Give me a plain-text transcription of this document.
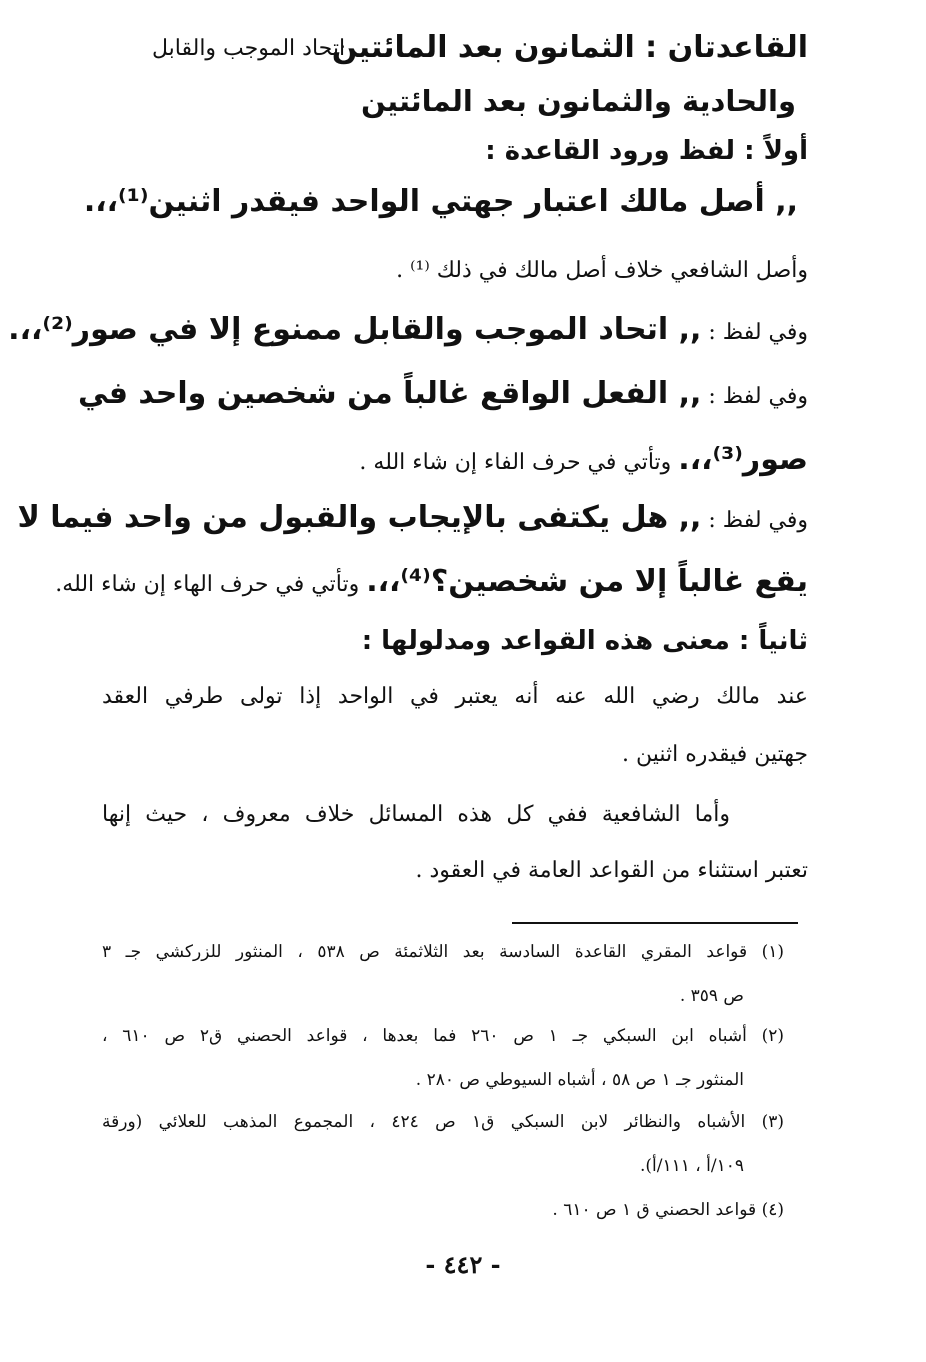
القاعدتان : الثمانون بعد المائتين
اتحاد الموجب والقابل
والحادية والثمانون بعد المائتين
أولاً : لفظ ورود القاعدة :
,, أصل مالك اعتبار جهتي الواحد فيقدر اثنين⁽¹⁾،،.
وأصل الشافعي خلاف أصل مالك في ذلك ⁽¹⁾ .
وفي لفظ : ,, اتحاد الموجب والقابل ممنوع إلا في صور⁽²⁾،،.
وفي لفظ : ,, الفعل الواقع غالباً من شخصين واحد في
صور⁽³⁾،،. وتأتي في حرف الفاء إن شاء الله .
وفي لفظ : ,, هل يكتفى بالإيجاب والقبول من واحد فيما لا
يقع غالباً إلا من شخصين؟⁽⁴⁾،،. وتأتي في حرف الهاء إن شاء الله.
ثانياً : معنى هذه القواعد ومدلولها :
عند مالك رضي الله عنه أنه يعتبر في الواحد إذا تولى طرفي العقد
جهتين فيقدره اثنين .
وأما الشافعية ففي كل هذه المسائل خلاف معروف ، حيث إنها
تعتبر استثناء من القواعد العامة في العقود .
(١) قواعد المقري القاعدة السادسة بعد الثلاثمئة ص ٥٣٨ ، المنثور للزركشي جـ ٣
ص ٣٥٩ .
(٢) أشباه ابن السبكي جـ ١ ص ٢٦٠ فما بعدها ، قواعد الحصني ق٢ ص ٦١٠ ،
المنثور جـ ١ ص ٥٨ ، أشباه السيوطي ص ٢٨٠ .
(٣) الأشباه والنظائر لابن السبكي ق١ ص ٤٢٤ ، المجموع المذهب للعلائي (ورقة
١٠٩/أ ، ١١١/أ).
(٤) قواعد الحصني ق ١ ص ٦١٠ .
- ٤٤٢ -
